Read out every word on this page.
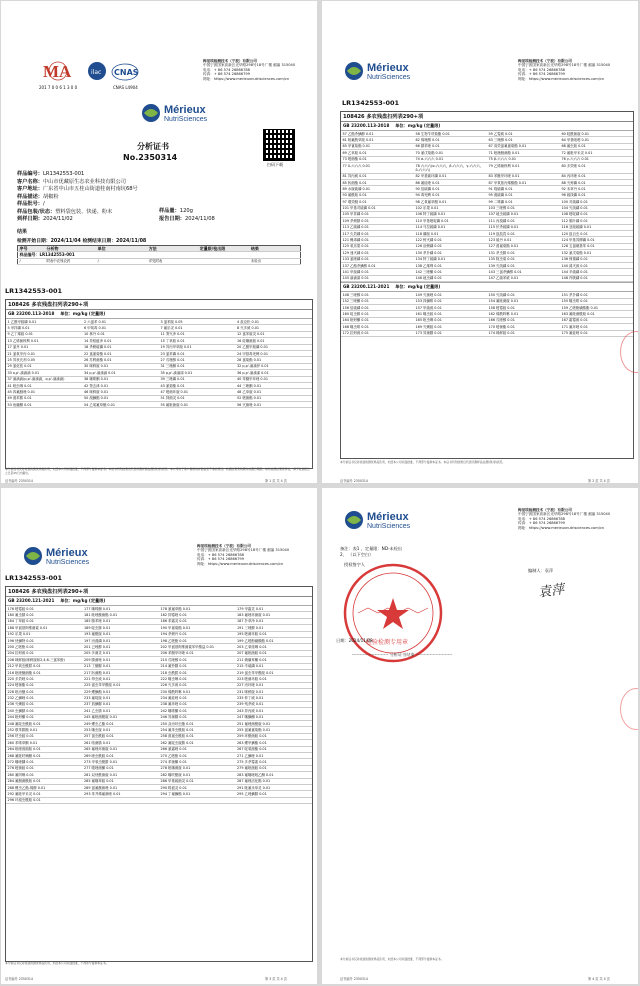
MA
201 7 0 0 6 1 3 0 0
ilac CNAS
CNAS L4904
梅里埃检测技术（宁波）有限公司
中国宁波国家高新区光华路298号18号厂楼 邮编 315040
电话：+ 86 574 26866788
传真：+ 86 574 26866799
网址：https://www.merieuxnutrisciences.com/cn
Mérieux
NutriSciences
分析证书
No.2350314
扫码下载
样品编号：LR1342553-001
客户名称：中山市优藏原生态农业科技有限公司
客户地址：广东省中山市五桂山街道桂南村南坑68号
样品描述：胡椒粉
样品批号：/
样品包装/状态：塑料袋包装、快递、粉末
到样日期：2024/11/02
样品量：120g
报告日期：2024/11/08
结果
检测开始日期：2024/11/04 检测结束日期：2024/11/08
序号	分析物	单位	方法	定量限/检出限	结果
样品编号：LR1342553-001					
/	附表中农残农药	/	详见附表		未检出
LR1342553-001
108426 多农残盘扫列表290+项
GB 23200.113-2018 单位：mg/kg (定量限)
1 乙酰甲胺磷 0.01	2 六氯苯 0.01	3 氯苯胺 0.05	4 敌克松 0.01
5 甲拌磷 0.01	6 甲氧毒 0.01	7 氟乐灵 0.01	8 灭多威 0.01
9 乙丁烯胺 0.01	10 林丹 0.01	11 莠灭净 0.01	12 氯苯胺灵 0.01
13 乙烯菌核利 0.01	14 异稻瘟净 0.01	15 丁草胺 0.01	16 硅噻菌胺 0.01
17 氯丹 0.01	18 杀螟硫磷 0.01	19 异丙甲草胺 0.01	20 乙酰甲胺磷 0.01
21 氯氧甲丙 0.01	22 氯氰菊酯 0.01	23 氯苯磷 0.01	24 甲基毒死蜱 0.01
25 异狄氏剂 0.05	26 苏利菌酯 0.01	27 戊唑醇 0.01	28 氯菊酯 0.01
29 氯化铵 0.01	30 咪鲜胺 0.01	31 三唑酮 0.01	32 p,p'-滴滴伊 0.01
33 o,p'-滴滴滴 0.01	34 p,p'-滴滴滴 0.01	35 p,p'-滴滴涕 0.01	36 p,p'-滴滴涕 0.01
37 滴滴滴(p,p'-滴滴滴，o,p'-滴滴滴)	38 噻嗪酮 0.01	39 三唑磷 0.01	40 苯醚甲环唑 0.01
41 吡虫啉 0.01	42 莠去津 0.01	43 氰菊酯 0.01	44 三唑酮 0.01
45 四氟醚唑 0.01	46 咪鲜胺 0.01	47 嘧菌环胺 0.01	48 乙草胺 0.01
49 溴苯腈 0.01	50 溴螨酯 0.01	51 抑菌灵 0.01	52 嘧菌酯 0.01
53 鱼藤酮 0.01	54 乙氧氟草醚 0.01	55 氟吡菌胺 0.01	56 灭菌唑 0.01
本分析证书仅对收到的测试样品负责，未经本公司书面批准，不得部分复制本证书。本证书所列结果仅代表所测样品在测试时的状况。本公司对于客户提供的样品信息不承担责任。检测结果有效期为检测日期起。如对检测结果有异议，请于收到报告之日起15日内提出。
证书编号 2350314	第 1 页 共 4 页
Mérieux
NutriSciences
梅里埃检测技术（宁波）有限公司
中国宁波国家高新区光华路298号18号厂楼 邮编 315040
电话：+ 86 574 26866788
传真：+ 86 574 26866799
网址：https://www.merieuxnutrisciences.com/cn
LR1342553-001
108426 多农残盘扫列表290+项
GB 23200.113-2018 单位：mg/kg (定量限)
57 乙酯杀螨醇 0.01	58 生物苄呋菊酯 0.01	59 乙霉威 0.01	60 啶酰菌胺 0.01
61 吡氟酰草胺 0.01	62 烯唑醇 0.01	63 三唑醇 0.01	64 甲基吡嘧 0.01
65 甲氰菊酯 0.01	66 腈苯唑 0.01	67 高效氯氟氰菊酯 0.01	68 氟虫胺 0.01
69 乙草胺 0.01	70 氰戊菊酯 0.01	71 吡唑醚菌酯 0.01	72 氟吡甲禾灵 0.01
73 嘧菌酯 0.01	74 α-六六六 0.01	75 β-六六六 0.01	76 γ-六六六 0.01
77 δ-六六六 0.01	78 六六六(α-六六六，β-六六六，γ-六六六，δ-六六六)	79 乙烯菌核利 0.01	80 多效唑 0.01
81 异丙威 0.01	82 甲基硫环磷 0.01	83 苯醚甲环唑 0.01	84 丙环唑 0.01
85 肟菌酯 0.01	86 氟硅唑 0.01	87 甲氧基丙烯酸酯 0.01	88 灭蚜磷 0.01
89 水胺硫磷 0.01	90 倍硫磷 0.01	91 喹硫磷 0.01	92 禾草丹 0.01
93 氟酰胺 0.01	94 毒死蜱 0.01	95 溴硫磷 0.01	96 硫线磷 0.01
97 增效醚 0.01	98 乙氧氟草醚 0.01	99 二嗪磷 0.01	100 对硫磷 0.01
101 甲基对硫磷 0.01	102 乐果 0.01	103 三唑锡 0.01	104 灭线磷 0.01
105 甲拌磷 0.01	106 特丁硫磷 0.01	107 地虫硫磷 0.01	108 嘧啶磷 0.01
109 杀螟腈 0.01	110 甲基嘧啶磷 0.01	111 丙溴磷 0.01	112 脱叶磷 0.01
113 乙硫磷 0.01	114 马拉硫磷 0.01	115 伏杀硫磷 0.01	116 亚胺硫磷 0.01
117 久效磷 0.01	118 磷胺 0.01	119 敌敌畏 0.01	120 敌百虫 0.01
121 蝇毒磷 0.01	122 蚜灭磷 0.01	123 硫丹 0.01	124 甲基异柳磷 0.01
125 氧乐果 0.01	126 治螟磷 0.01	127 溴氰菊酯 0.01	128 五氯硝基苯 0.01
129 速灭磷 0.01	130 杀扑磷 0.01	131 杀虫脒 0.01	132 氰戊菊酯 0.01
133 氯唑磷 0.01	134 特丁硫磷 0.01	135 除虫菊 0.01	136 保棉磷 0.01
137 乙酯杀螨醇 0.01	138 乙烯利 0.01	139 灭线磷 0.01	140 涕灭威 0.01
141 甲胺磷 0.01	142 三唑酮 0.01	143 三氯杀螨醇 0.01	144 辛硫磷 0.01
145 滴滴涕 0.01	146 地虫磷 0.01	147 乙硫苯威 0.01	148 内吸磷 0.01
GB 23200.121-2021 单位：mg/kg (定量限)
148 三唑醇 0.01	149 灭菌唑 0.01	150 灭线磷 0.01	151 杀扑磷 0.01
152 三唑酮 0.01	153 四螨嗪 0.01	154 氟吡菌胺 0.01	155 噻虫嗪 0.01
156 倍硫磷 0.01	157 甲硫威 0.01	158 嘧霉胺 0.01	159 乙嘧酚磺酸酯 0.01
160 啶虫脒 0.01	161 噻虫胺 0.01	162 烯酰吗啉 0.01	163 氟吡菌酰胺 0.01
164 吡蚜酮 0.01	165 吡虫啉 0.01	166 戊唑醇 0.01	167 霜霉威 0.01
168 噻虫嗪 0.01	169 灭蝇胺 0.01	170 嘧菌酯 0.01	171 氟环唑 0.01
172 抗蚜威 0.01	173 异菌脲 0.01	174 咪鲜胺 0.01	175 氟硅唑 0.01
本分析证书仅对收到的测试样品负责，未经本公司书面批准，不得部分复制本证书。本证书所列结果仅代表所测样品在测试时的状况。
证书编号 2350314	第 2 页 共 4 页
Mérieux
NutriSciences
梅里埃检测技术（宁波）有限公司
中国宁波国家高新区光华路298号18号厂楼 邮编 315040
电话：+ 86 574 26866788
传真：+ 86 574 26866799
网址：https://www.merieuxnutrisciences.com/cn
LR1342553-001
108426 多农残盘扫列表290+项
GB 23200.121-2021 单位：mg/kg (定量限)
176 嘧霉胺 0.01	177 噻嗪酮 0.01	178 氰氟草酯 0.01	179 甲霜灵 0.01
180 氟虫腈 0.01	181 吡唑醚菌酯 0.01	182 抑霉唑 0.01	183 氟唑环菌胺 0.01
184 丁草胺 0.01	185 腈苯唑 0.01	186 苯霜灵 0.01	187 扑草净 0.01
188 甲氨基阿维菌素 0.01	189 啶虫脒 0.01	190 甲氰菊酯 0.01	191 三唑醇 0.01
192 乐果 0.01	193 氟酰胺 0.01	194 杀螟丹 0.01	195 嘧菌环胺 0.01
196 炔螨特 0.01	197 丙溴磷 0.01	198 乙嘧酚 0.01	199 乙嘧酚磺酸酯 0.01
200 乙嘧酚 0.01	201 己唑醇 0.01	202 甲氨基阿维菌素苯甲酸盐 0.01	203 乙氧喹啉 0.01
204 抗蚜威 0.01	205 多菌灵 0.01	206 苯醚甲环唑 0.01	207 氟吡菌胺 0.01
208 咪鲜胺(咪鲜胺和2,4,6-三氯苯酚)	209 腈菌唑 0.01	210 戊唑醇 0.01	211 硝磺草酮 0.01
212 甲氧虫酰肼 0.01	213 丁醚脲 0.01	214 氟铃脲 0.01	215 辛硫磷 0.01
216 吡唑醚菌酯 0.01	217 肟菌酯 0.01	218 虫酰肼 0.01	219 氯虫苯甲酰胺 0.01
220 多效唑 0.01	221 茚虫威 0.01	222 噻虫啉 0.01	223 嘧菌环胺 0.01
224 嘧菌酯 0.01	225 氯虫苯甲酰胺 0.01	226 灭多威 0.01	227 丙环唑 0.01
228 吡丙醚 0.01	229 螺螨酯 0.01	230 烯酰吗啉 0.01	231 咪鲜胺 0.01
232 乙螨唑 0.01	233 氟啶胺 0.01	234 氟硅唑 0.01	235 仲丁威 0.01
236 灭蝇胺 0.01	237 虱螨脲 0.01	238 氟环唑 0.01	239 残杀威 0.01
240 虫螨腈 0.01	241 乙虫腈 0.01	242 噻嗪酮 0.01	243 异丙威 0.01
244 吡蚜酮 0.01	245 氟吡菌酰胺 0.01	246 异菌脲 0.01	247 噻螨酮 0.01
248 氟啶虫酰胺 0.01	249 螺虫乙酯 0.01	250 双丙环虫酯 0.01	251 氟唑菌酰胺 0.01
252 联苯肼酯 0.01	253 噻虫胺 0.01	254 氟苯虫酰胺 0.01	255 氯氟氰菊酯 0.01
256 呋虫胺 0.01	257 氯虫酰胺 0.01	258 溴氰虫酰胺 0.01	259 环酰菌胺 0.01
260 苯嗪草酮 0.01	261 咯菌腈 0.01	262 氟啶虫胺腈 0.01	263 螺甲螨酯 0.01
264 吡唑萘菌胺 0.01	265 氟唑环菌胺 0.01	266 氰霜唑 0.01	267 啶氧菌酯 0.01
268 氟吡呋喃酮 0.01	269 唑虫酰胺 0.01	270 乙嘧酚 0.01	271 乙螨唑 0.01
272 噻唑膦 0.01	273 甲氧虫酰肼 0.01	274 苯菌酮 0.01	275 多杀霉素 0.01
276 嘧菌胺 0.01	277 噁唑菌酮 0.01	278 吡噻菌胺 0.01	279 氟吡菌胺 0.01
280 氟吗啉 0.01	281 双炔酰菌胺 0.01	282 噻呋酰胺 0.01	283 氟噻唑吡乙酮 0.01
284 氟醚菌酰胺 0.01	285 氟噻草胺 0.01	286 甲基硫菌灵 0.01	287 氟唑活化酯 0.01
288 螺虫乙酯-烯醇 0.01	289 氯氟醚菌唑 0.01	290 嗪氨灵 0.01	291 吡氟禾草灵 0.01
292 氟吡甲禾灵 0.01	293 苯并烯氟菌唑 0.01	294 丁氟螨酯 0.01	295 乙唑螨腈 0.01
296 环溴虫酰胺 0.01			
本分析证书仅对收到的测试样品负责，未经本公司书面批准，不得部分复制本证书。
证书编号 2350314	第 3 页 共 4 页
Mérieux
NutriSciences
梅里埃检测技术（宁波）有限公司
中国宁波国家高新区光华路298号18号厂楼 邮编 315040
电话：+ 86 574 26866788
传真：+ 86 574 26866799
网址：https://www.merieuxnutrisciences.com/cn
备注：表1 、定量限：ND-未检出
2、 （以下空白）
授权签字人
编制人：袁萍
袁萍
检验检测专用章
日期：2024/11/08
------------------------ 分析证书结束 ------------------------
本分析证书仅对收到的测试样品负责，未经本公司书面批准，不得部分复制本证书。
证书编号 2350314	第 4 页 共 4 页
